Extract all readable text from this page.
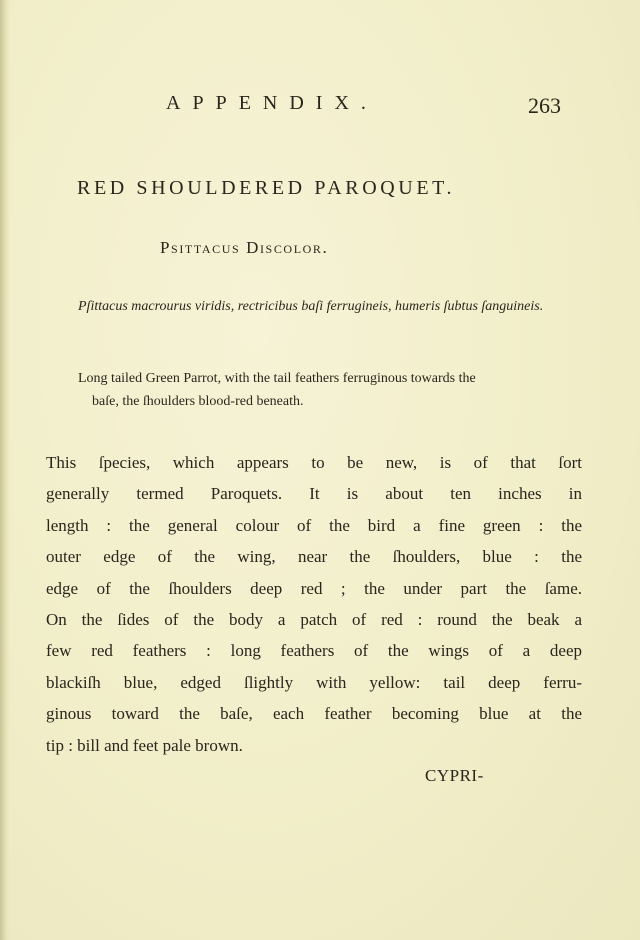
APPENDIX.	263
RED SHOULDERED PAROQUET.
Psittacus Discolor.
Pſittacus macrourus viridis, rectricibus baſi ferrugineis, humeris ſubtus ſanguineis.
Long tailed Green Parrot, with the tail feathers ferruginous towards the
baſe, the ſhoulders blood-red beneath.
This ſpecies, which appears to be new, is of that ſort
generally termed Paroquets. It is about ten inches in
length : the general colour of the bird a fine green : the
outer edge of the wing, near the ſhoulders, blue : the
edge of the ſhoulders deep red ; the under part the ſame.
On the ſides of the body a patch of red : round the beak a
few red feathers : long feathers of the wings of a deep
blackiſh blue, edged ſlightly with yellow: tail deep ferru-
ginous toward the baſe, each feather becoming blue at the
tip : bill and feet pale brown.
CYPRI-
